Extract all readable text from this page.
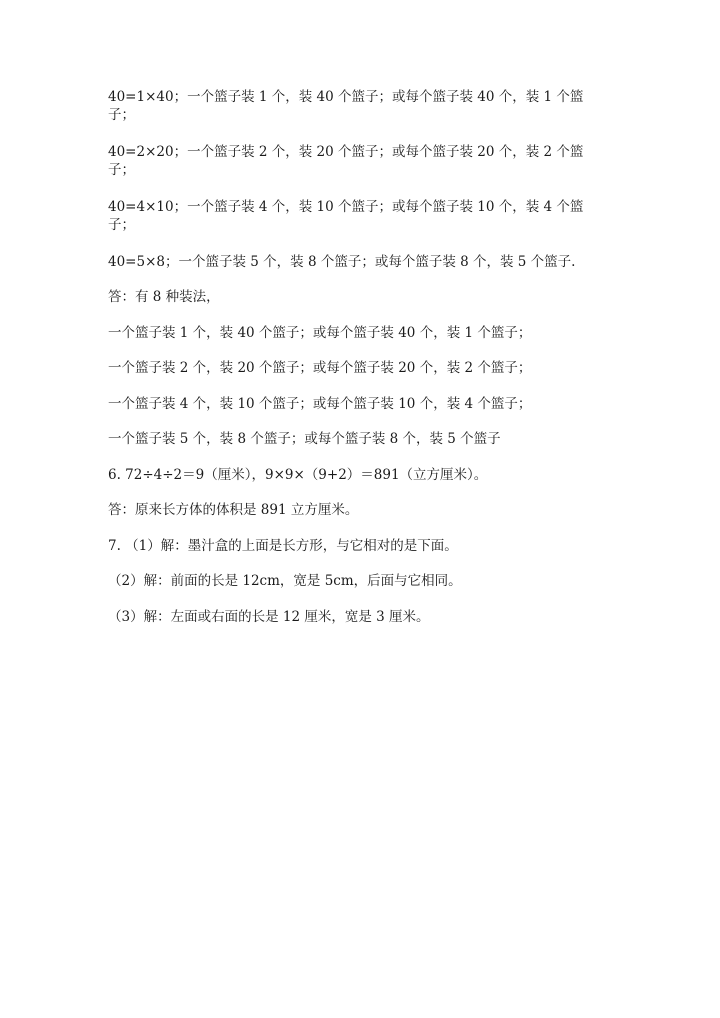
40=1×40；一个篮子装 1 个，装 40 个篮子；或每个篮子装 40 个，装 1 个篮子；
40=2×20；一个篮子装 2 个，装 20 个篮子；或每个篮子装 20 个，装 2 个篮子；
40=4×10；一个篮子装 4 个，装 10 个篮子；或每个篮子装 10 个，装 4 个篮子；
40=5×8；一个篮子装 5 个，装 8 个篮子；或每个篮子装 8 个，装 5 个篮子.
答：有 8 种装法，
一个篮子装 1 个，装 40 个篮子；或每个篮子装 40 个，装 1 个篮子；
一个篮子装 2 个，装 20 个篮子；或每个篮子装 20 个，装 2 个篮子；
一个篮子装 4 个，装 10 个篮子；或每个篮子装 10 个，装 4 个篮子；
一个篮子装 5 个，装 8 个篮子；或每个篮子装 8 个，装 5 个篮子
6. 72÷4÷2＝9（厘米），9×9×（9+2）＝891（立方厘米）。
答：原来长方体的体积是 891 立方厘米。
7. （1）解：墨汁盒的上面是长方形，与它相对的是下面。
（2）解：前面的长是 12cm，宽是 5cm，后面与它相同。
（3）解：左面或右面的长是 12 厘米，宽是 3 厘米。
